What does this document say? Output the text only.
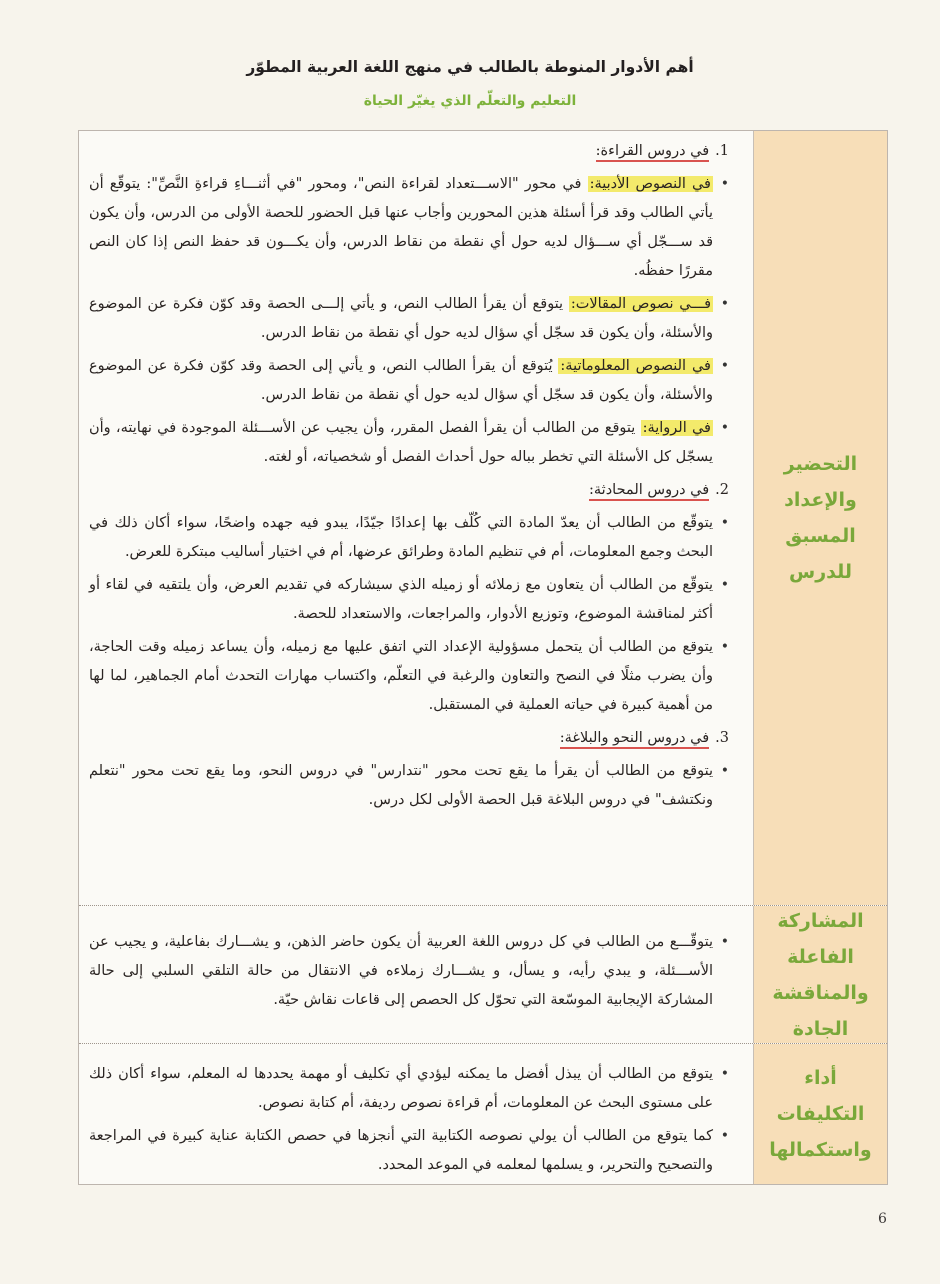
أهم الأدوار المنوطة بالطالب في منهج اللغة العربية المطوّر
التعليم والتعلّم الذي يغيّر الحياة
1.في دروس القراءة:
• في النصوص الأدبية: في محور "الاســـتعداد لقراءة النص"، ومحور "في أثنـــاءِ قراءةِ النَّصِّ": يتوقّع أن يأتي الطالب وقد قرأ أسئلة هذين المحورين وأجاب عنها قبل الحضور للحصة الأولى من الدرس، وأن يكون قد ســـجّل أي ســـؤال لديه حول أي نقطة من نقاط الدرس، وأن يكـــون قد حفظ النص إذا كان النص مقررًا حفظُه.
• فـــي نصوص المقالات: يتوقع أن يقرأ الطالب النص، و يأتي إلـــى الحصة وقد كوّن فكرة عن الموضوع والأسئلة، وأن يكون قد سجّل أي سؤال لديه حول أي نقطة من نقاط الدرس.
• في النصوص المعلوماتية: يُتوقع أن يقرأ الطالب النص، و يأتي إلى الحصة وقد كوّن فكرة عن الموضوع والأسئلة، وأن يكون قد سجّل أي سؤال لديه حول أي نقطة من نقاط الدرس.
• في الرواية: يتوقع من الطالب أن يقرأ الفصل المقرر، وأن يجيب عن الأســـئلة الموجودة في نهايته، وأن يسجّل كل الأسئلة التي تخطر بباله حول أحداث الفصل أو شخصياته، أو لغته.
2.في دروس المحادثة:
• يتوقّع من الطالب أن يعدّ المادة التي كُلّف بها إعدادًا جيّدًا، يبدو فيه جهده واضحًا، سواء أكان ذلك في البحث وجمع المعلومات، أم في تنظيم المادة وطرائق عرضها، أم في اختيار أساليب مبتكرة للعرض.
• يتوقّع من الطالب أن يتعاون مع زملائه أو زميله الذي سيشاركه في تقديم العرض، وأن يلتقيه في لقاء أو أكثر لمناقشة الموضوع، وتوزيع الأدوار، والمراجعات، والاستعداد للحصة.
• يتوقع من الطالب أن يتحمل مسؤولية الإعداد التي اتفق عليها مع زميله، وأن يساعد زميله وقت الحاجة، وأن يضرب مثلًا في النصح والتعاون والرغبة في التعلّم، واكتساب مهارات التحدث أمام الجماهير، لما لها من أهمية كبيرة في حياته العملية في المستقبل.
3.في دروس النحو والبلاغة:
• يتوقع من الطالب أن يقرأ ما يقع تحت محور "نتدارس" في دروس النحو، وما يقع تحت محور "نتعلم ونكتشف" في دروس البلاغة قبل الحصة الأولى لكل درس.
التحضير
والإعداد
المسبق
للدرس
• يتوقّـــع من الطالب في كل دروس اللغة العربية أن يكون حاضر الذهن، و يشـــارك بفاعلية، و يجيب عن الأســـئلة، و يبدي رأيه، و يسأل، و يشـــارك زملاءه في الانتقال من حالة التلقي السلبي إلى حالة المشاركة الإيجابية الموسّعة التي تحوّل كل الحصص إلى قاعات نقاش حيّة.
المشاركة
الفاعلة
والمناقشة
الجادة
• يتوقع من الطالب أن يبذل أفضل ما يمكنه ليؤدي أي تكليف أو مهمة يحددها له المعلم، سواء أكان ذلك على مستوى البحث عن المعلومات، أم قراءة نصوص رديفة، أم كتابة نصوص.
• كما يتوقع من الطالب أن يولي نصوصه الكتابية التي أنجزها في حصص الكتابة عناية كبيرة في المراجعة والتصحيح والتحرير، و يسلمها لمعلمه في الموعد المحدد.
أداء
التكليفات
واستكمالها
6
